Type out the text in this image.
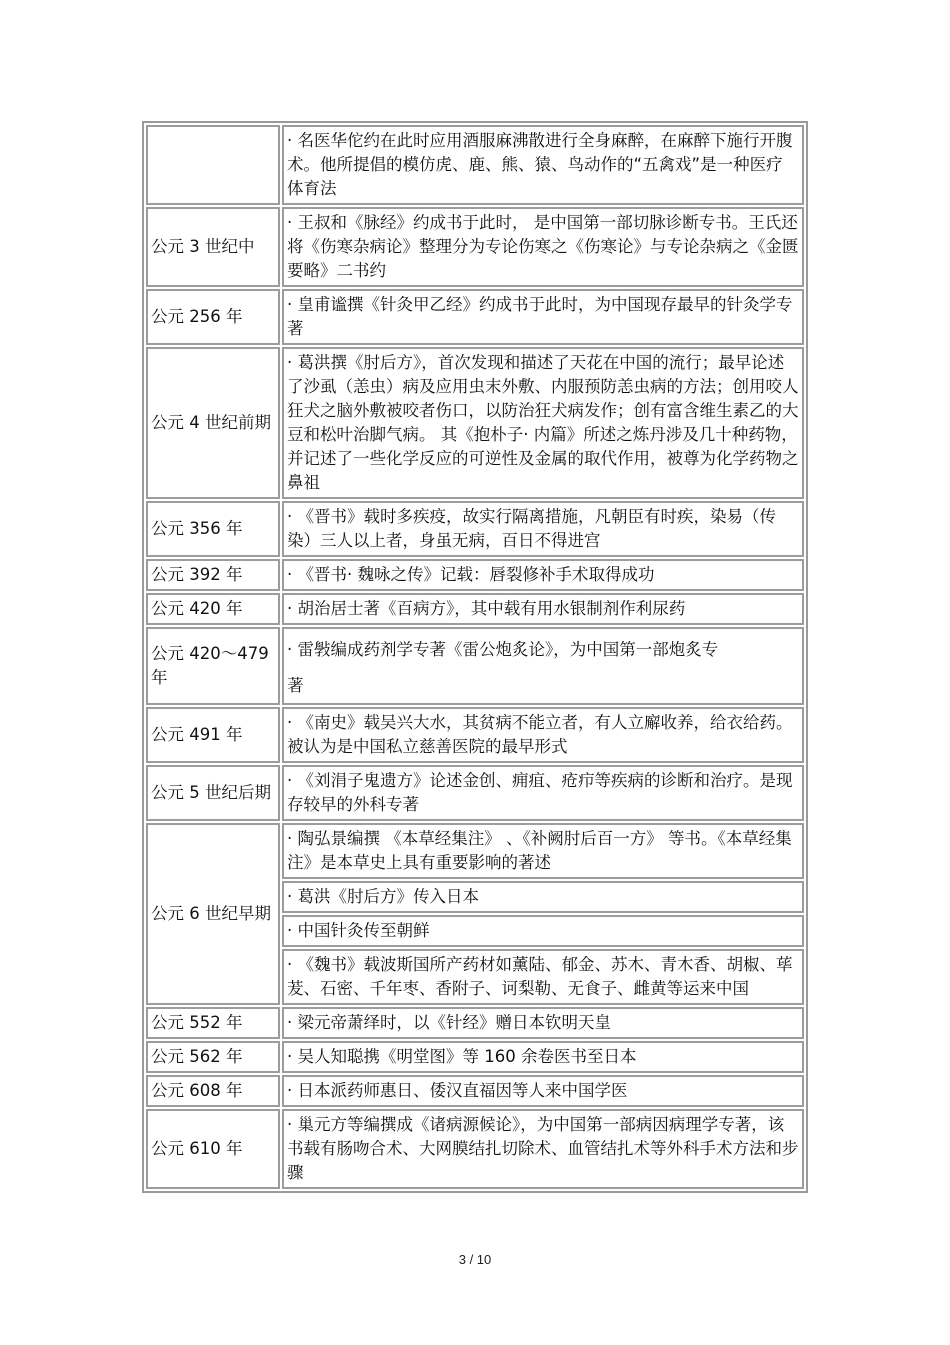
	· 名医华佗约在此时应用酒服麻沸散进行全身麻醉，在麻醉下施行开腹术。他所提倡的模仿虎、鹿、熊、猿、鸟动作的“五禽戏”是一种医疗体育法
公元 3 世纪中	· 王叔和《脉经》约成书于此时， 是中国第一部切脉诊断专书。王氏还将《伤寒杂病论》整理分为专论伤寒之《伤寒论》与专论杂病之《金匮要略》二书约
公元 256 年	· 皇甫谧撰《针灸甲乙经》约成书于此时，为中国现存最早的针灸学专著
公元 4 世纪前期	· 葛洪撰《肘后方》，首次发现和描述了天花在中国的流行；最早论述了沙虱（恙虫）病及应用虫末外敷、内服预防恙虫病的方法；创用咬人狂犬之脑外敷被咬者伤口，以防治狂犬病发作；创有富含维生素乙的大豆和松叶治脚气病。 其《抱朴子· 内篇》所述之炼丹涉及几十种药物，并记述了一些化学反应的可逆性及金属的取代作用，被尊为化学药物之鼻祖
公元 356 年	· 《晋书》载时多疾疫，故实行隔离措施，凡朝臣有时疾，染易（传染）三人以上者，身虽无病，百日不得进宫
公元 392 年	· 《晋书· 魏咏之传》记载：唇裂修补手术取得成功
公元 420 年	· 胡治居士著《百病方》，其中载有用水银制剂作利尿药
公元 420～479 年	· 雷斅编成药剂学专著《雷公炮炙论》，为中国第一部炮炙专
著

公元 491 年	· 《南史》载吴兴大水，其贫病不能立者，有人立廨收养，给衣给药。被认为是中国私立慈善医院的最早形式
公元 5 世纪后期	· 《刘涓子鬼遗方》论述金创、痈疽、疮疖等疾病的诊断和治疗。是现存较早的外科专著
公元 6 世纪早期	· 陶弘景编撰 《本草经集注》 、《补阙肘后百一方》 等书。《本草经集注》是本草史上具有重要影响的著述
	· 葛洪《肘后方》传入日本
	· 中国针灸传至朝鲜
	· 《魏书》载波斯国所产药材如薰陆、郁金、苏木、青木香、胡椒、荜茇、石密、千年枣、香附子、诃梨勒、无食子、雌黄等运来中国
公元 552 年	· 梁元帝萧绎时，以《针经》赠日本钦明天皇
公元 562 年	· 吴人知聪携《明堂图》等 160 余卷医书至日本
公元 608 年	· 日本派药师惠日、倭汉直福因等人来中国学医
公元 610 年	· 巢元方等编撰成《诸病源候论》，为中国第一部病因病理学专著，该书载有肠吻合术、大网膜结扎切除术、血管结扎术等外科手术方法和步骤
3 / 10
